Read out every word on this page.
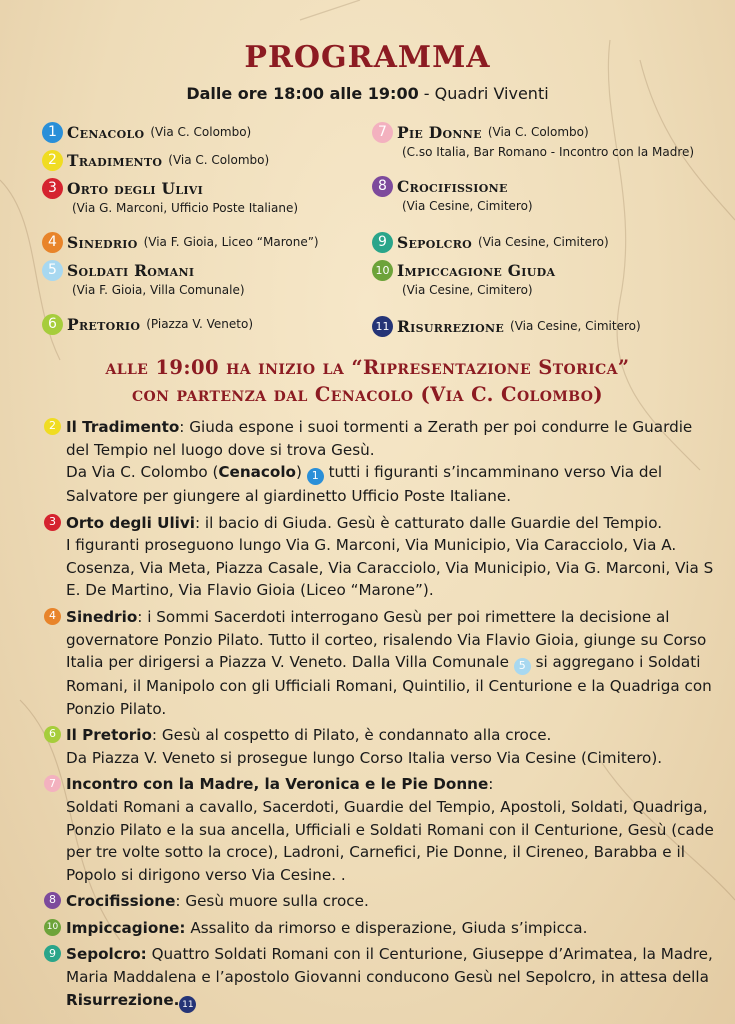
PROGRAMMA

Dalle ore 18:00 alle 19:00 - Quadri Viventi

1 Cenacolo (Via C. Colombo)
2 Tradimento (Via C. Colombo)
3 Orto degli Ulivi
(Via G. Marconi, Ufficio Poste Italiane)
4 Sinedrio (Via F. Gioia, Liceo “Marone”)
5 Soldati Romani
(Via F. Gioia, Villa Comunale)
6 Pretorio (Piazza V. Veneto)
7 Pie Donne (Via C. Colombo)
(C.so Italia, Bar Romano - Incontro con la Madre)
8 Crocifissione
(Via Cesine, Cimitero)
9 Sepolcro (Via Cesine, Cimitero)
10 Impiccagione Giuda
(Via Cesine, Cimitero)
11 Risurrezione (Via Cesine, Cimitero)
alle 19:00 ha inizio la “Ripresentazione Storica”
con partenza dal Cenacolo (Via C. Colombo)
2 Il Tradimento: Giuda espone i suoi tormenti a Zerath per poi condurre le Guardie del Tempio nel luogo dove si trova Gesù.

Da Via C. Colombo (Cenacolo) 1 tutti i figuranti s’incamminano verso Via del Salvatore per giungere al giardinetto Ufficio Poste Italiane.

3 Orto degli Ulivi: il bacio di Giuda. Gesù è catturato dalle Guardie del Tempio.

I figuranti proseguono lungo Via G. Marconi, Via Municipio, Via Caracciolo, Via A. Cosenza, Via Meta, Piazza Casale, Via Caracciolo, Via Municipio, Via G. Marconi, Via S E. De Martino, Via Flavio Gioia (Liceo “Marone”).

4 Sinedrio: i Sommi Sacerdoti interrogano Gesù per poi rimettere la decisione al governatore Ponzio Pilato. Tutto il corteo, risalendo Via Flavio Gioia, giunge su Corso Italia per dirigersi a Piazza V. Veneto. Dalla Villa Comunale 5 si aggregano i Soldati Romani, il Manipolo con gli Ufficiali Romani, Quintilio, il Centurione e la Quadriga con Ponzio Pilato.

6 Il Pretorio: Gesù al cospetto di Pilato, è condannato alla croce.

Da Piazza V. Veneto si prosegue lungo Corso Italia verso Via Cesine (Cimitero).

7 Incontro con la Madre, la Veronica e le Pie Donne:

Soldati Romani a cavallo, Sacerdoti, Guardie del Tempio, Apostoli, Soldati, Quadriga, Ponzio Pilato e la sua ancella, Ufficiali e Soldati Romani con il Centurione, Gesù (cade per tre volte sotto la croce), Ladroni, Carnefici, Pie Donne, il Cireneo, Barabba e il Popolo si dirigono verso Via Cesine. .

8 Crocifissione: Gesù muore sulla croce.

10 Impiccagione: Assalito da rimorso e disperazione, Giuda s’impicca.

9 Sepolcro: Quattro Soldati Romani con il Centurione, Giuseppe d’Arimatea, la Madre, Maria Maddalena e l’apostolo Giovanni conducono Gesù nel Sepolcro, in attesa della Risurrezione. 11
